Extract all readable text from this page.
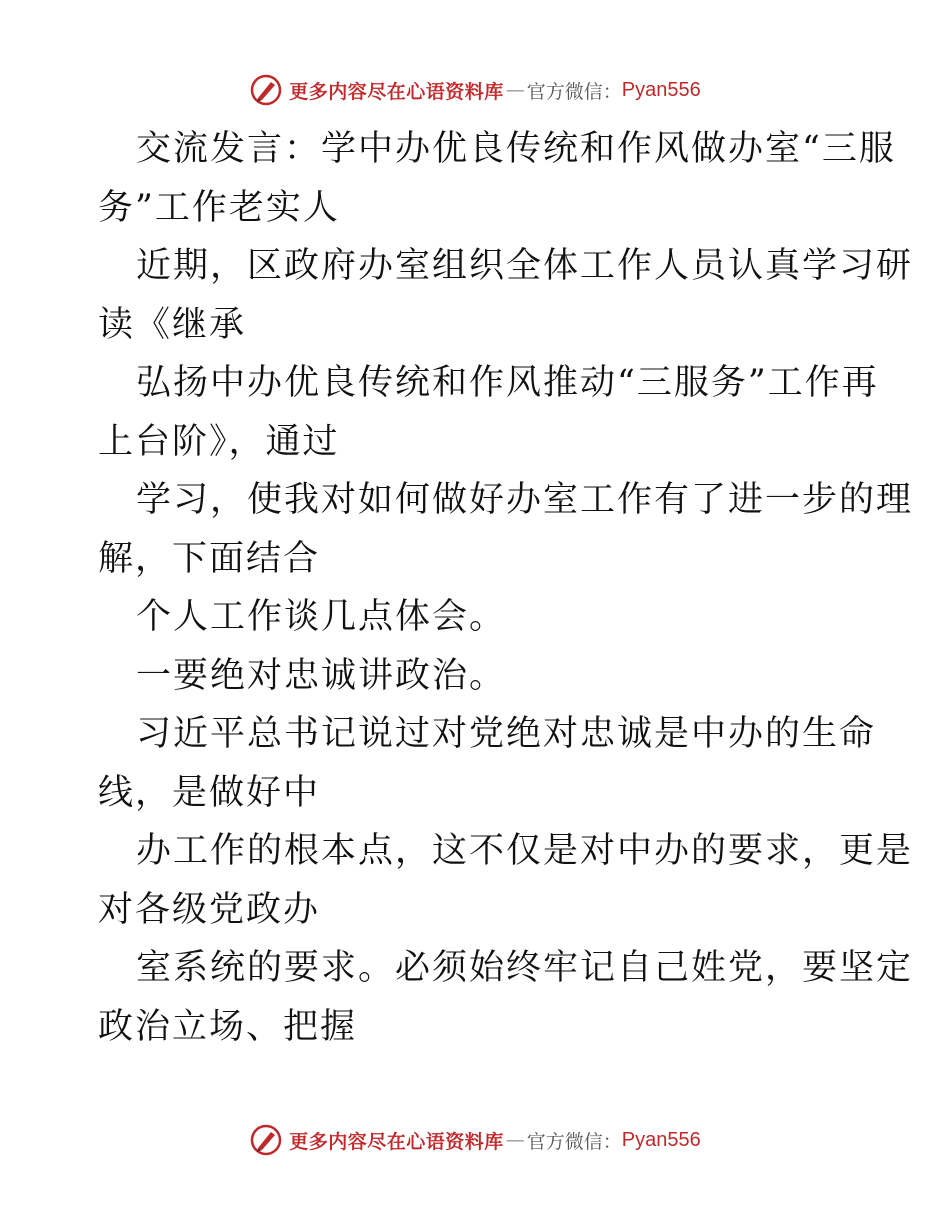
更多内容尽在心语资料库 — 官方微信： Pyan556
交流发言：学中办优良传统和作风做办室“三服
务”工作老实人
近期，区政府办室组织全体工作人员认真学习研
读《继承
弘扬中办优良传统和作风推动“三服务”工作再
上台阶》，通过
学习，使我对如何做好办室工作有了进一步的理
解，下面结合
个人工作谈几点体会。
一要绝对忠诚讲政治。
习近平总书记说过对党绝对忠诚是中办的生命
线，是做好中
办工作的根本点，这不仅是对中办的要求，更是
对各级党政办
室系统的要求。必须始终牢记自己姓党，要坚定
政治立场、把握
更多内容尽在心语资料库 — 官方微信： Pyan556
